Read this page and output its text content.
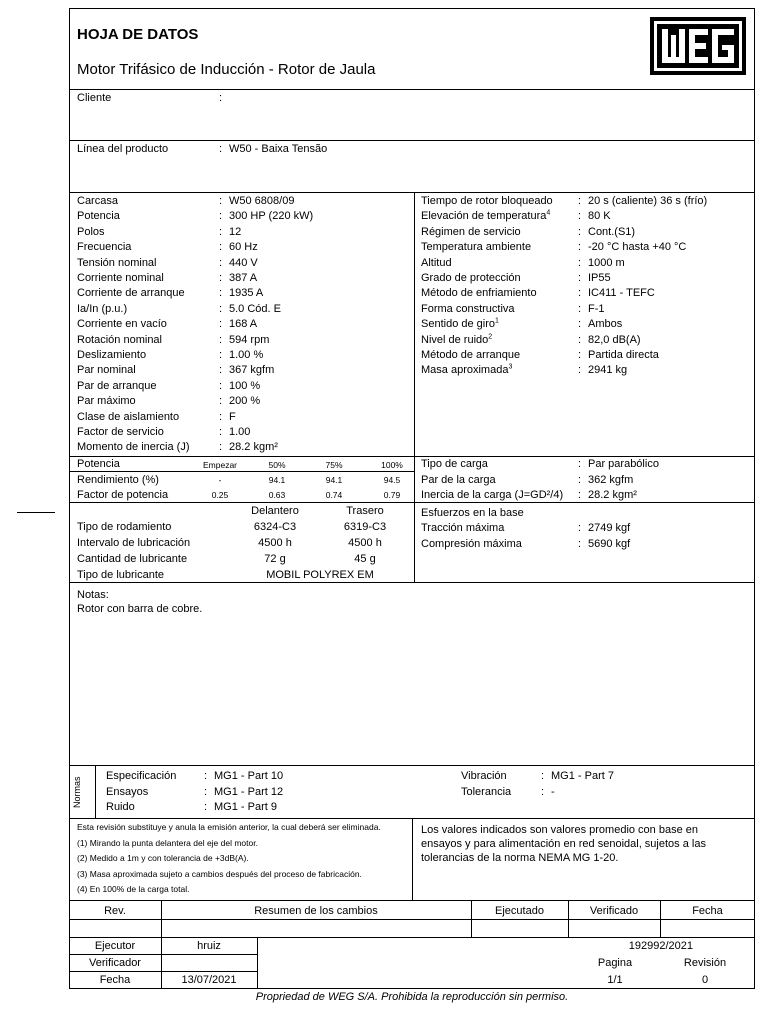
HOJA DE DATOS
Motor Trifásico de Inducción - Rotor de Jaula
Cliente	:
Línea del producto	: W50 - Baixa Tensão
Carcasa	: W50 6808/09
Potencia	: 300 HP (220 kW)
Polos	: 12
Frecuencia	: 60 Hz
Tensión nominal	: 440 V
Corriente nominal	: 387 A
Corriente de arranque	: 1935 A
Ia/In (p.u.)	: 5.0 Cód. E
Corriente en vacío	: 168 A
Rotación nominal	: 594 rpm
Deslizamiento	: 1.00 %
Par nominal	: 367 kgfm
Par de arranque	: 100 %
Par máximo	: 200 %
Clase de aislamiento	: F
Factor de servicio	: 1.00
Momento de inercia (J)	: 28.2 kgm²
Tiempo de rotor bloqueado : 20 s (caliente) 36 s (frío)
Elevación de temperatura$^4$	: 80 K
Régimen de servicio	: Cont.(S1)
Temperatura ambiente	: -20 °C hasta +40 °C
Altitud	: 1000 m
Grado de protección	: IP55
Método de enfriamiento	: IC411 - TEFC
Forma constructiva	: F-1
Sentido de giro$^1$	: Ambos
Nivel de ruido$^2$	: 82,0 dB(A)
Método de arranque	: Partida directa
Masa aproximada$^3$	: 2941 kg
Potencia	Empezar	50%	75%	100%
Rendimiento (%)	-	94.1	94.1	94.5
Factor de potencia	0.25	0.63	0.74	0.79
Tipo de carga	: Par parabólico
Par de la carga	: 362 kgfm
Inercia de la carga (J=GD²/4) : 28.2 kgm²
Delantero	Trasero
Tipo de rodamiento	6324-C3	6319-C3
Intervalo de lubricación	4500 h	4500 h
Cantidad de lubricante	72 g	45 g
Tipo de lubricante	MOBIL POLYREX EM
Esfuerzos en la base
Tracción máxima	: 2749 kgf
Compresión máxima	: 5690 kgf
Notas:
Rotor con barra de cobre.
Normas
Especificación	: MG1 - Part 10
Ensayos	: MG1 - Part 12
Ruido	: MG1 - Part 9
Vibración	: MG1 - Part 7
Tolerancia	: -
Esta revisión substituye y anula la emisión anterior, la cual deberá ser eliminada.
(1) Mirando la punta delantera del eje del motor.
(2) Medido a 1m y con tolerancia de +3dB(A).
(3) Masa aproximada sujeto a cambios después del proceso de fabricación.
(4) En 100% de la carga total.
Los valores indicados son valores promedio con base en ensayos y para alimentación en red senoidal, sujetos a las tolerancias de la norma NEMA MG 1-20.
Rev.	Resumen de los cambios	Ejecutado	Verificado	Fecha
Ejecutor	hruiz
Verificador
Fecha	13/07/2021
192992/2021
Pagina	Revisión
1/1	0
Propriedad de WEG S/A. Prohibida la reproducción sin permiso.
